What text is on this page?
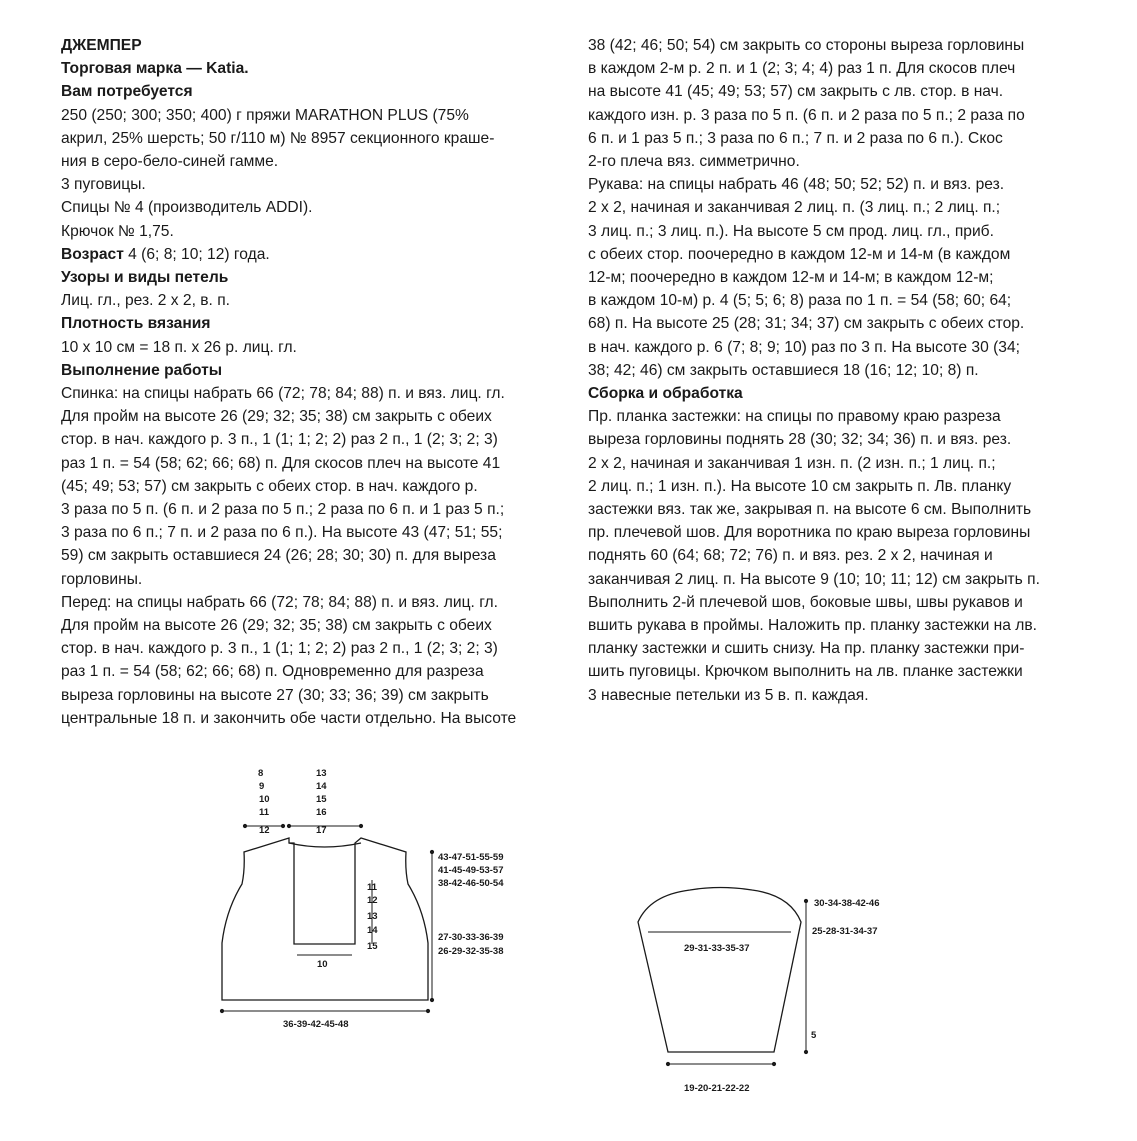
ДЖЕМПЕР

Торговая марка — Katia.

Вам потребуется

250 (250; 300; 350; 400) г пряжи MARATHON PLUS (75%

акрил, 25% шерсть; 50 г/110 м) № 8957 секционного краше-

ния в серо-бело-синей гамме.

3 пуговицы.

Спицы № 4 (производитель ADDI).

Крючок № 1,75.

Возраст 4 (6; 8; 10; 12) года.

Узоры и виды петель

Лиц. гл., рез. 2 х 2, в. п.

Плотность вязания

10 х 10 см = 18 п. х 26 р. лиц. гл.

Выполнение работы

Спинка: на спицы набрать 66 (72; 78; 84; 88) п. и вяз. лиц. гл.

Для пройм на высоте 26 (29; 32; 35; 38) см закрыть с обеих

стор. в нач. каждого р. 3 п., 1 (1; 1; 2; 2) раз 2 п., 1 (2; 3; 2; 3)

раз 1 п. = 54 (58; 62; 66; 68) п. Для скосов плеч на высоте 41

(45; 49; 53; 57) см закрыть с обеих стор. в нач. каждого р.

3 раза по 5 п. (6 п. и 2 раза по 5 п.; 2 раза по 6 п. и 1 раз 5 п.;

3 раза по 6 п.; 7 п. и 2 раза по 6 п.). На высоте 43 (47; 51; 55;

59) см закрыть оставшиеся 24 (26; 28; 30; 30) п. для выреза

горловины.

Перед: на спицы набрать 66 (72; 78; 84; 88) п. и вяз. лиц. гл.

Для пройм на высоте 26 (29; 32; 35; 38) см закрыть с обеих

стор. в нач. каждого р. 3 п., 1 (1; 1; 2; 2) раз 2 п., 1 (2; 3; 2; 3)

раз 1 п. = 54 (58; 62; 66; 68) п. Одновременно для разреза

выреза горловины на высоте 27 (30; 33; 36; 39) см закрыть

центральные 18 п. и закончить обе части отдельно. На высоте

38 (42; 46; 50; 54) см закрыть со стороны выреза горловины

в каждом 2-м р. 2 п. и 1 (2; 3; 4; 4) раз 1 п. Для скосов плеч

на высоте 41 (45; 49; 53; 57) см закрыть с лв. стор. в нач.

каждого изн. р. 3 раза по 5 п. (6 п. и 2 раза по 5 п.; 2 раза по

6 п. и 1 раз 5 п.; 3 раза по 6 п.; 7 п. и 2 раза по 6 п.). Скос

2-го плеча вяз. симметрично.

Рукава: на спицы набрать 46 (48; 50; 52; 52) п. и вяз. рез.

2 х 2, начиная и заканчивая 2 лиц. п. (3 лиц. п.; 2 лиц. п.;

3 лиц. п.; 3 лиц. п.). На высоте 5 см прод. лиц. гл., приб.

с обеих стор. поочередно в каждом 12-м и 14-м (в каждом

12-м; поочередно в каждом 12-м и 14-м; в каждом 12-м;

в каждом 10-м) р. 4 (5; 5; 6; 8) раза по 1 п. = 54 (58; 60; 64;

68) п. На высоте 25 (28; 31; 34; 37) см закрыть с обеих стор.

в нач. каждого р. 6 (7; 8; 9; 10) раз по 3 п. На высоте 30 (34;

38; 42; 46) см закрыть оставшиеся 18 (16; 12; 10; 8) п.

Сборка и обработка

Пр. планка застежки: на спицы по правому краю разреза

выреза горловины поднять 28 (30; 32; 34; 36) п. и вяз. рез.

2 х 2, начиная и заканчивая 1 изн. п. (2 изн. п.; 1 лиц. п.;

2 лиц. п.; 1 изн. п.). На высоте 10 см закрыть п. Лв. планку

застежки вяз. так же, закрывая п. на высоте 6 см. Выполнить

пр. плечевой шов. Для воротника по краю выреза горловины

поднять 60 (64; 68; 72; 76) п. и вяз. рез. 2 х 2, начиная и

заканчивая 2 лиц. п. На высоте 9 (10; 10; 11; 12) см закрыть п.

Выполнить 2-й плечевой шов, боковые швы, швы рукавов и

вшить рукава в проймы. Наложить пр. планку застежки на лв.

планку застежки и сшить снизу. На пр. планку застежки при-

шить пуговицы. Крючком выполнить на лв. планке застежки

3 навесные петельки из 5 в. п. каждая.

8
9
10
11
12
13
14
15
16
17
43-47-51-55-59
41-45-49-53-57
38-42-46-50-54
11
12
13
14
15
10
27-30-33-36-39
26-29-32-35-38
36-39-42-45-48
30-34-38-42-46
25-28-31-34-37
29-31-33-35-37
5
19-20-21-22-22
